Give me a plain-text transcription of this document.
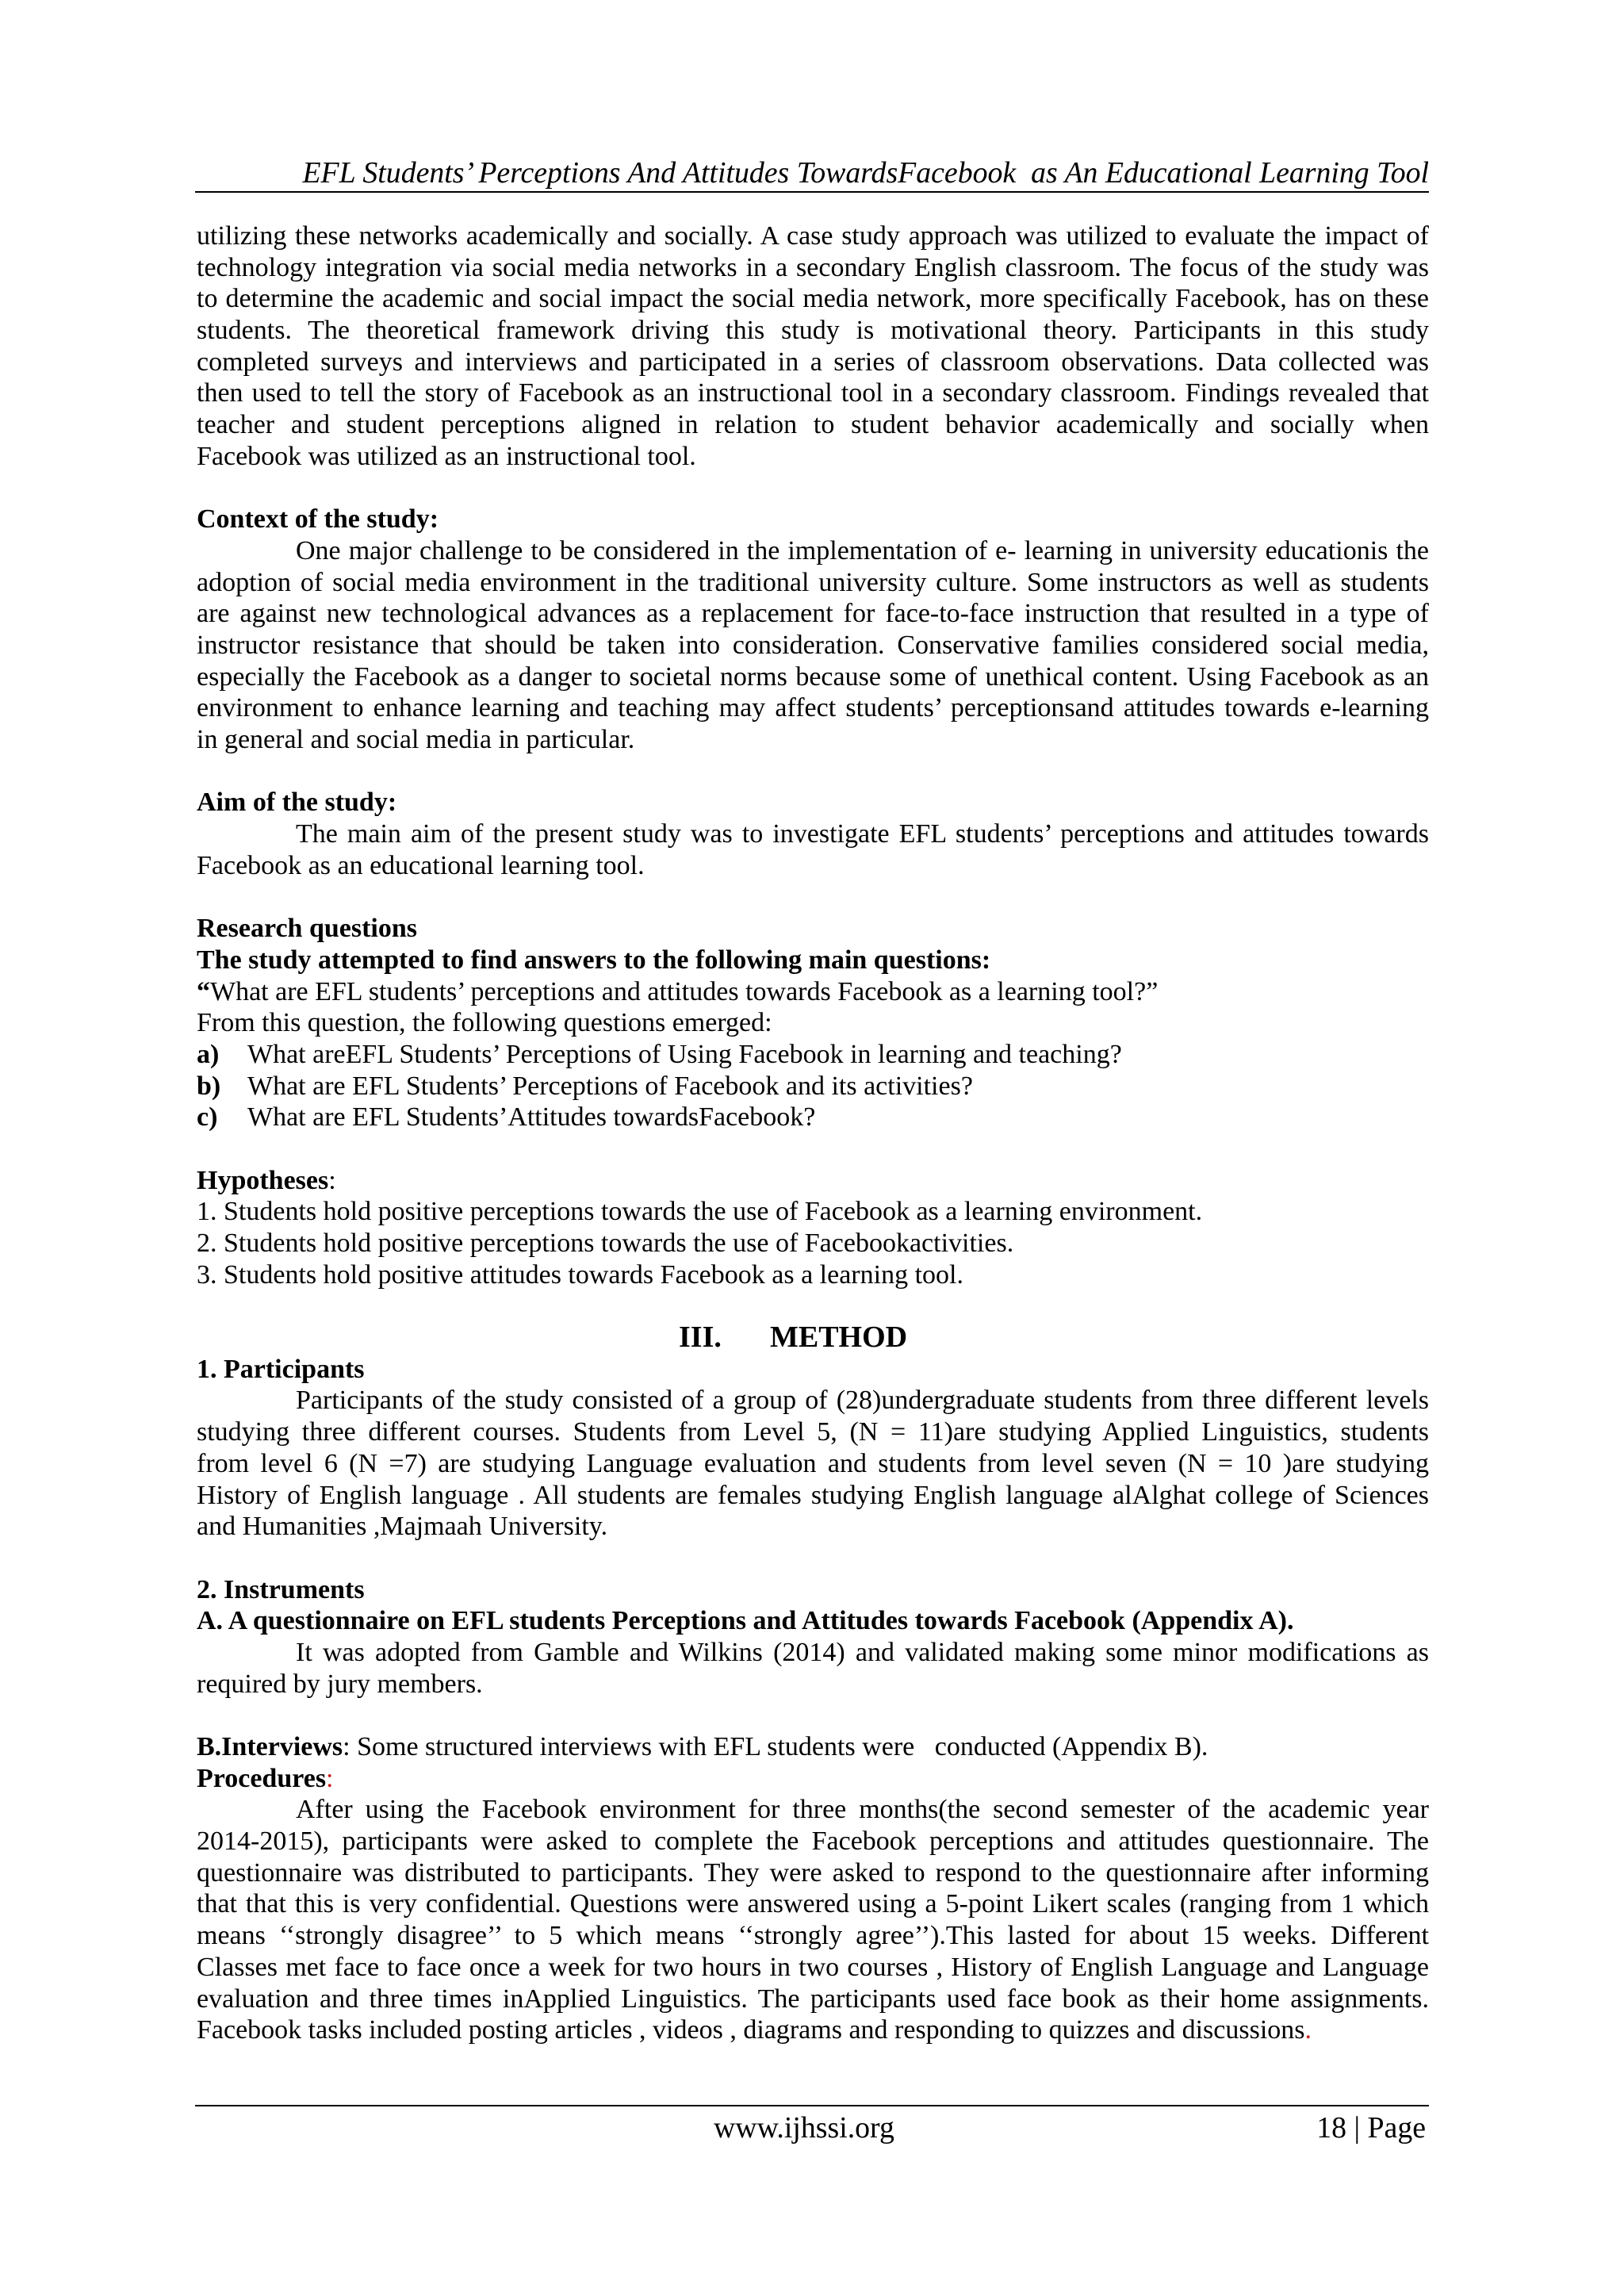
EFL Students’ Perceptions And Attitudes TowardsFacebook  as An Educational Learning Tool
utilizing these networks academically and socially. A case study approach was utilized to evaluate the impact of
technology integration via social media networks in a secondary English classroom. The focus of the study was
to determine the academic and social impact the social media network, more specifically Facebook, has on these
students. The theoretical framework driving this study is motivational theory. Participants in this study
completed surveys and interviews and participated in a series of classroom observations. Data collected was
then used to tell the story of Facebook as an instructional tool in a secondary classroom. Findings revealed that
teacher and student perceptions aligned in relation to student behavior academically and socially when
Facebook was utilized as an instructional tool.
Context of the study:
One major challenge to be considered in the implementation of e- learning in university educationis the
adoption of social media environment in the traditional university culture. Some instructors as well as students
are against new technological advances as a replacement for face-to-face instruction that resulted in a type of
instructor resistance that should be taken into consideration. Conservative families considered social media,
especially the Facebook as a danger to societal norms because some of unethical content. Using Facebook as an
environment to enhance learning and teaching may affect students’ perceptionsand attitudes towards e-learning
in general and social media in particular.
Aim of the study:
The main aim of the present study was to investigate EFL students’ perceptions and attitudes towards
Facebook as an educational learning tool.
Research questions
The study attempted to find answers to the following main questions:
“What are EFL students’ perceptions and attitudes towards Facebook as a learning tool?”
From this question, the following questions emerged:
a) What areEFL Students’ Perceptions of Using Facebook in learning and teaching?
b) What are EFL Students’ Perceptions of Facebook and its activities?
c) What are EFL Students’Attitudes towardsFacebook?
Hypotheses:
1. Students hold positive perceptions towards the use of Facebook as a learning environment.
2. Students hold positive perceptions towards the use of Facebookactivities.
3. Students hold positive attitudes towards Facebook as a learning tool.
III. METHOD
1. Participants
Participants of the study consisted of a group of (28)undergraduate students from three different levels
studying three different courses. Students from Level 5, (N = 11)are studying Applied Linguistics, students
from level 6 (N =7) are studying Language evaluation and students from level seven (N = 10 )are studying
History of English language . All students are females studying English language alAlghat college of Sciences
and Humanities ,Majmaah University.
2. Instruments
A. A questionnaire on EFL students Perceptions and Attitudes towards Facebook (Appendix A).
It was adopted from Gamble and Wilkins (2014) and validated making some minor modifications as
required by jury members.
B.Interviews: Some structured interviews with EFL students were   conducted (Appendix B).
Procedures:
After using the Facebook environment for three months(the second semester of the academic year
2014-2015), participants were asked to complete the Facebook perceptions and attitudes questionnaire. The
questionnaire was distributed to participants. They were asked to respond to the questionnaire after informing
that that this is very confidential. Questions were answered using a 5-point Likert scales (ranging from 1 which
means ‘‘strongly disagree’’ to 5 which means ‘‘strongly agree’’).This lasted for about 15 weeks. Different
Classes met face to face once a week for two hours in two courses , History of English Language and Language
evaluation and three times inApplied Linguistics. The participants used face book as their home assignments.
Facebook tasks included posting articles , videos , diagrams and responding to quizzes and discussions.
www.ijhssi.org	18 | Page
